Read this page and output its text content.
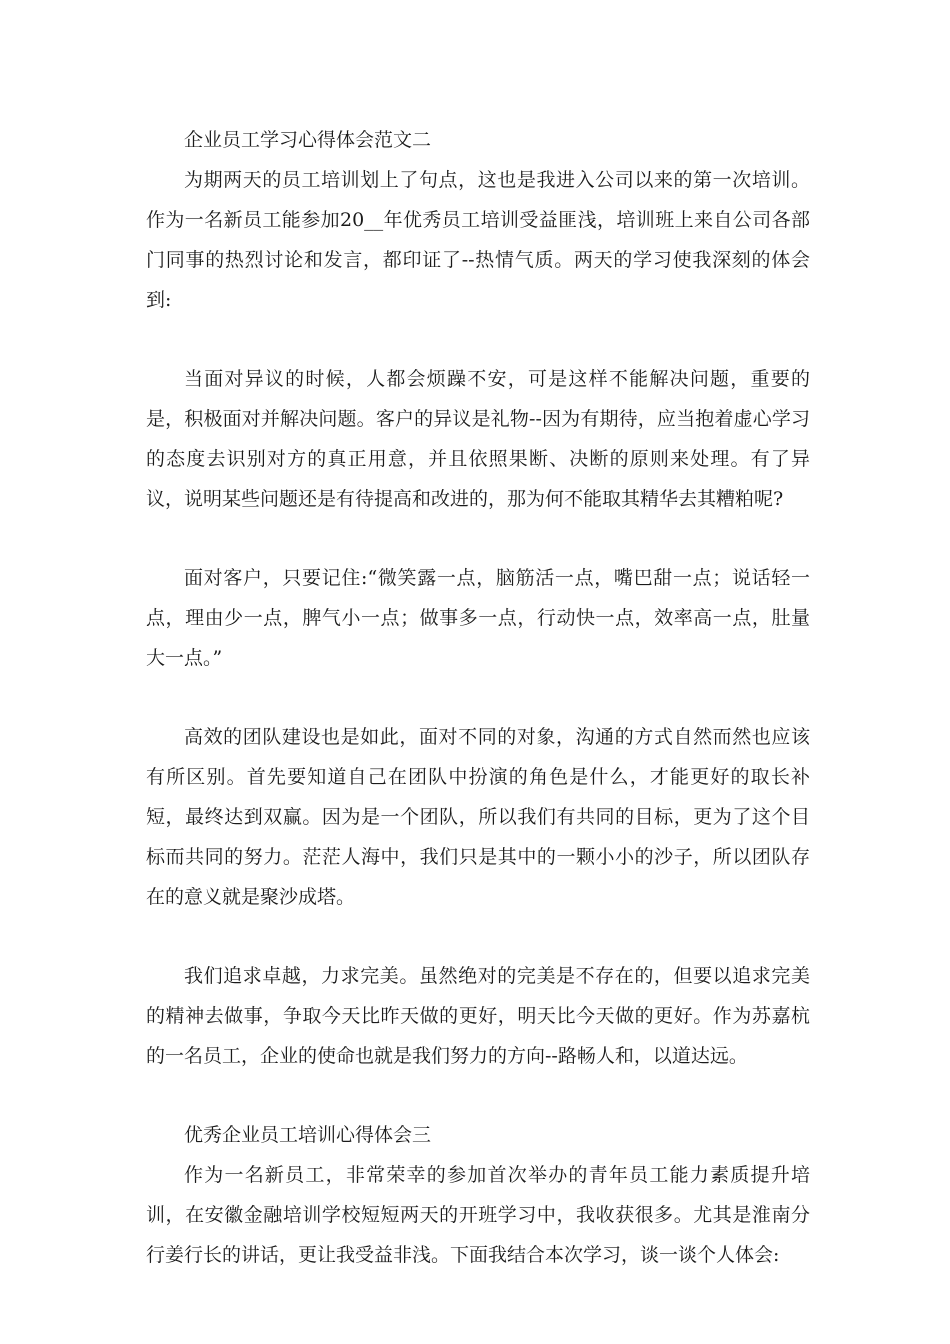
企业员工学习心得体会范文二

为期两天的员工培训划上了句点，这也是我进入公司以来的第一次培训。作为一名新员工能参加20__年优秀员工培训受益匪浅，培训班上来自公司各部门同事的热烈讨论和发言，都印证了--热情气质。两天的学习使我深刻的体会到:

当面对异议的时候，人都会烦躁不安，可是这样不能解决问题，重要的是，积极面对并解决问题。客户的异议是礼物--因为有期待，应当抱着虚心学习的态度去识别对方的真正用意，并且依照果断、决断的原则来处理。有了异议，说明某些问题还是有待提高和改进的，那为何不能取其精华去其糟粕呢?

面对客户，只要记住:“微笑露一点，脑筋活一点，嘴巴甜一点；说话轻一点，理由少一点，脾气小一点；做事多一点，行动快一点，效率高一点，肚量大一点。”

高效的团队建设也是如此，面对不同的对象，沟通的方式自然而然也应该有所区别。首先要知道自己在团队中扮演的角色是什么，才能更好的取长补短，最终达到双赢。因为是一个团队，所以我们有共同的目标，更为了这个目标而共同的努力。茫茫人海中，我们只是其中的一颗小小的沙子，所以团队存在的意义就是聚沙成塔。

我们追求卓越，力求完美。虽然绝对的完美是不存在的，但要以追求完美的精神去做事，争取今天比昨天做的更好，明天比今天做的更好。作为苏嘉杭的一名员工，企业的使命也就是我们努力的方向--路畅人和，以道达远。

优秀企业员工培训心得体会三

作为一名新员工，非常荣幸的参加首次举办的青年员工能力素质提升培训，在安徽金融培训学校短短两天的开班学习中，我收获很多。尤其是淮南分行姜行长的讲话，更让我受益非浅。下面我结合本次学习，谈一谈个人体会:
